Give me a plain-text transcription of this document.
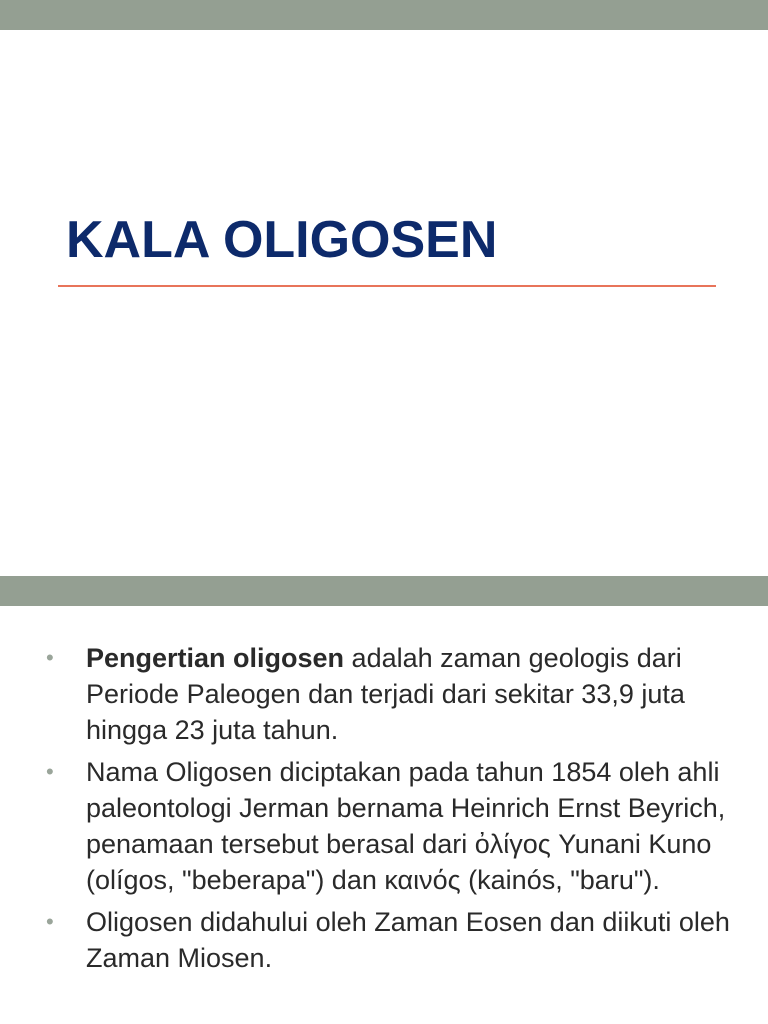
KALA OLIGOSEN
• Pengertian oligosen adalah zaman geologis dari Periode Paleogen dan terjadi dari sekitar 33,9 juta hingga 23 juta tahun.
• Nama Oligosen diciptakan pada tahun 1854 oleh ahli paleontologi Jerman bernama Heinrich Ernst Beyrich, penamaan tersebut berasal dari ὀλίγος Yunani Kuno (olígos, "beberapa") dan καινός (kainós, "baru").
• Oligosen didahului oleh Zaman Eosen dan diikuti oleh Zaman Miosen.
